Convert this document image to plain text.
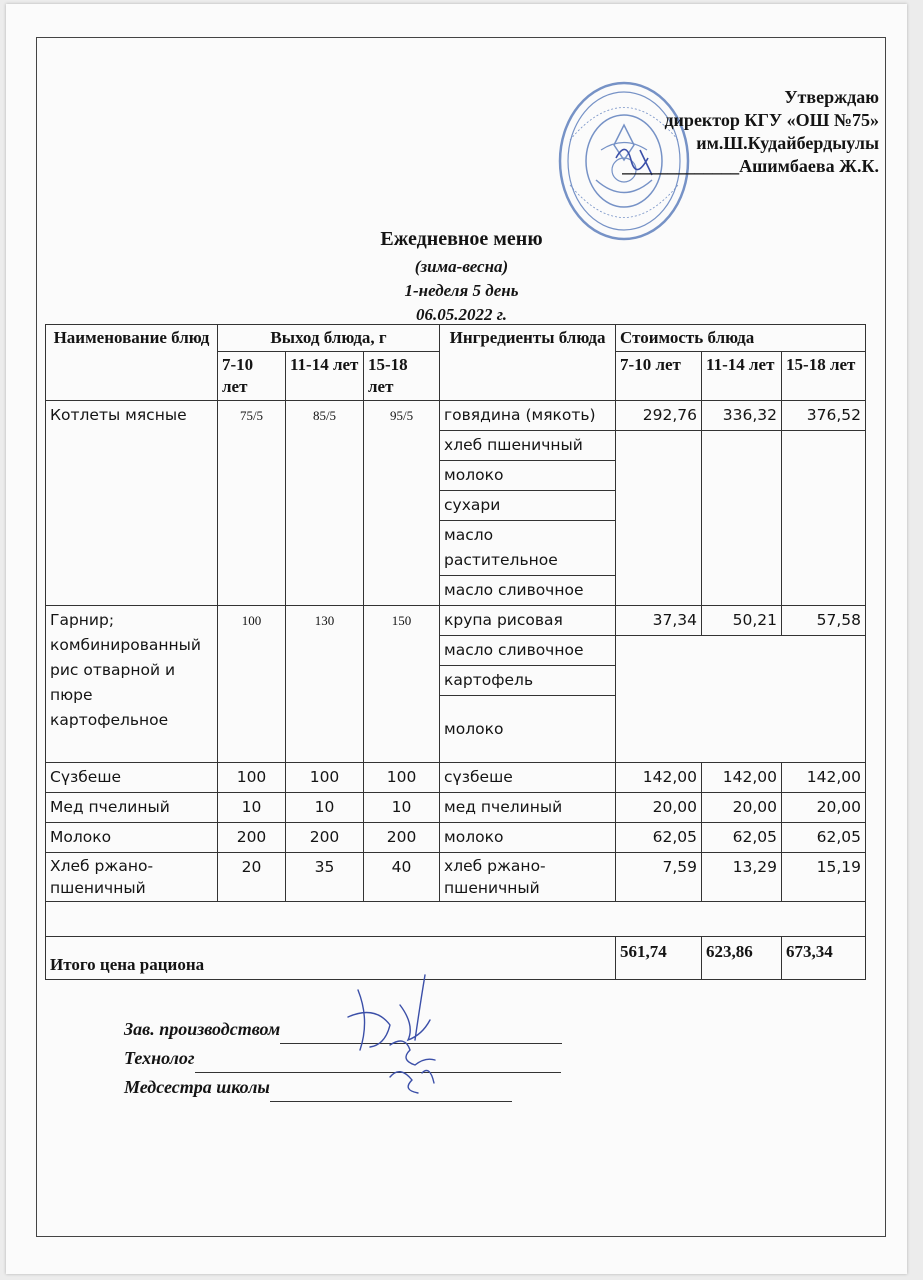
Утверждаю
директор КГУ «ОШ №75»
им.Ш.Кудайбердыулы
_____________Ашимбаева Ж.К.
Ежедневное меню
(зима-весна)
1-неделя 5 день
06.05.2022 г.
Наименование блюд	Выход блюда, г			Ингредиенты блюда	Стоимость блюда		
	7-10 лет	11-14 лет	15-18 лет		7-10 лет	11-14 лет	15-18 лет
Котлеты мясные	75/5	85/5	95/5	говядина (мякоть)	292,76	336,32	376,52
				хлеб пшеничный			
				молоко			
				сухари			
				масло растительное			
				масло сливочное			
Гарнир; комбинированный рис отварной и пюре картофельное	100	130	150	крупа рисовая	37,34	50,21	57,58
				масло сливочное			
				картофель			
				молоко			
Сүзбеше	100	100	100	сүзбеше	142,00	142,00	142,00
Мед пчелиный	10	10	10	мед пчелиный	20,00	20,00	20,00
Молоко	200	200	200	молоко	62,05	62,05	62,05
Хлеб ржано-пшеничный	20	35	40	хлеб ржано-пшеничный	7,59	13,29	15,19

Итого цена рациона					561,74	623,86	673,34
Зав. производством
Технолог
Медсестра школы
